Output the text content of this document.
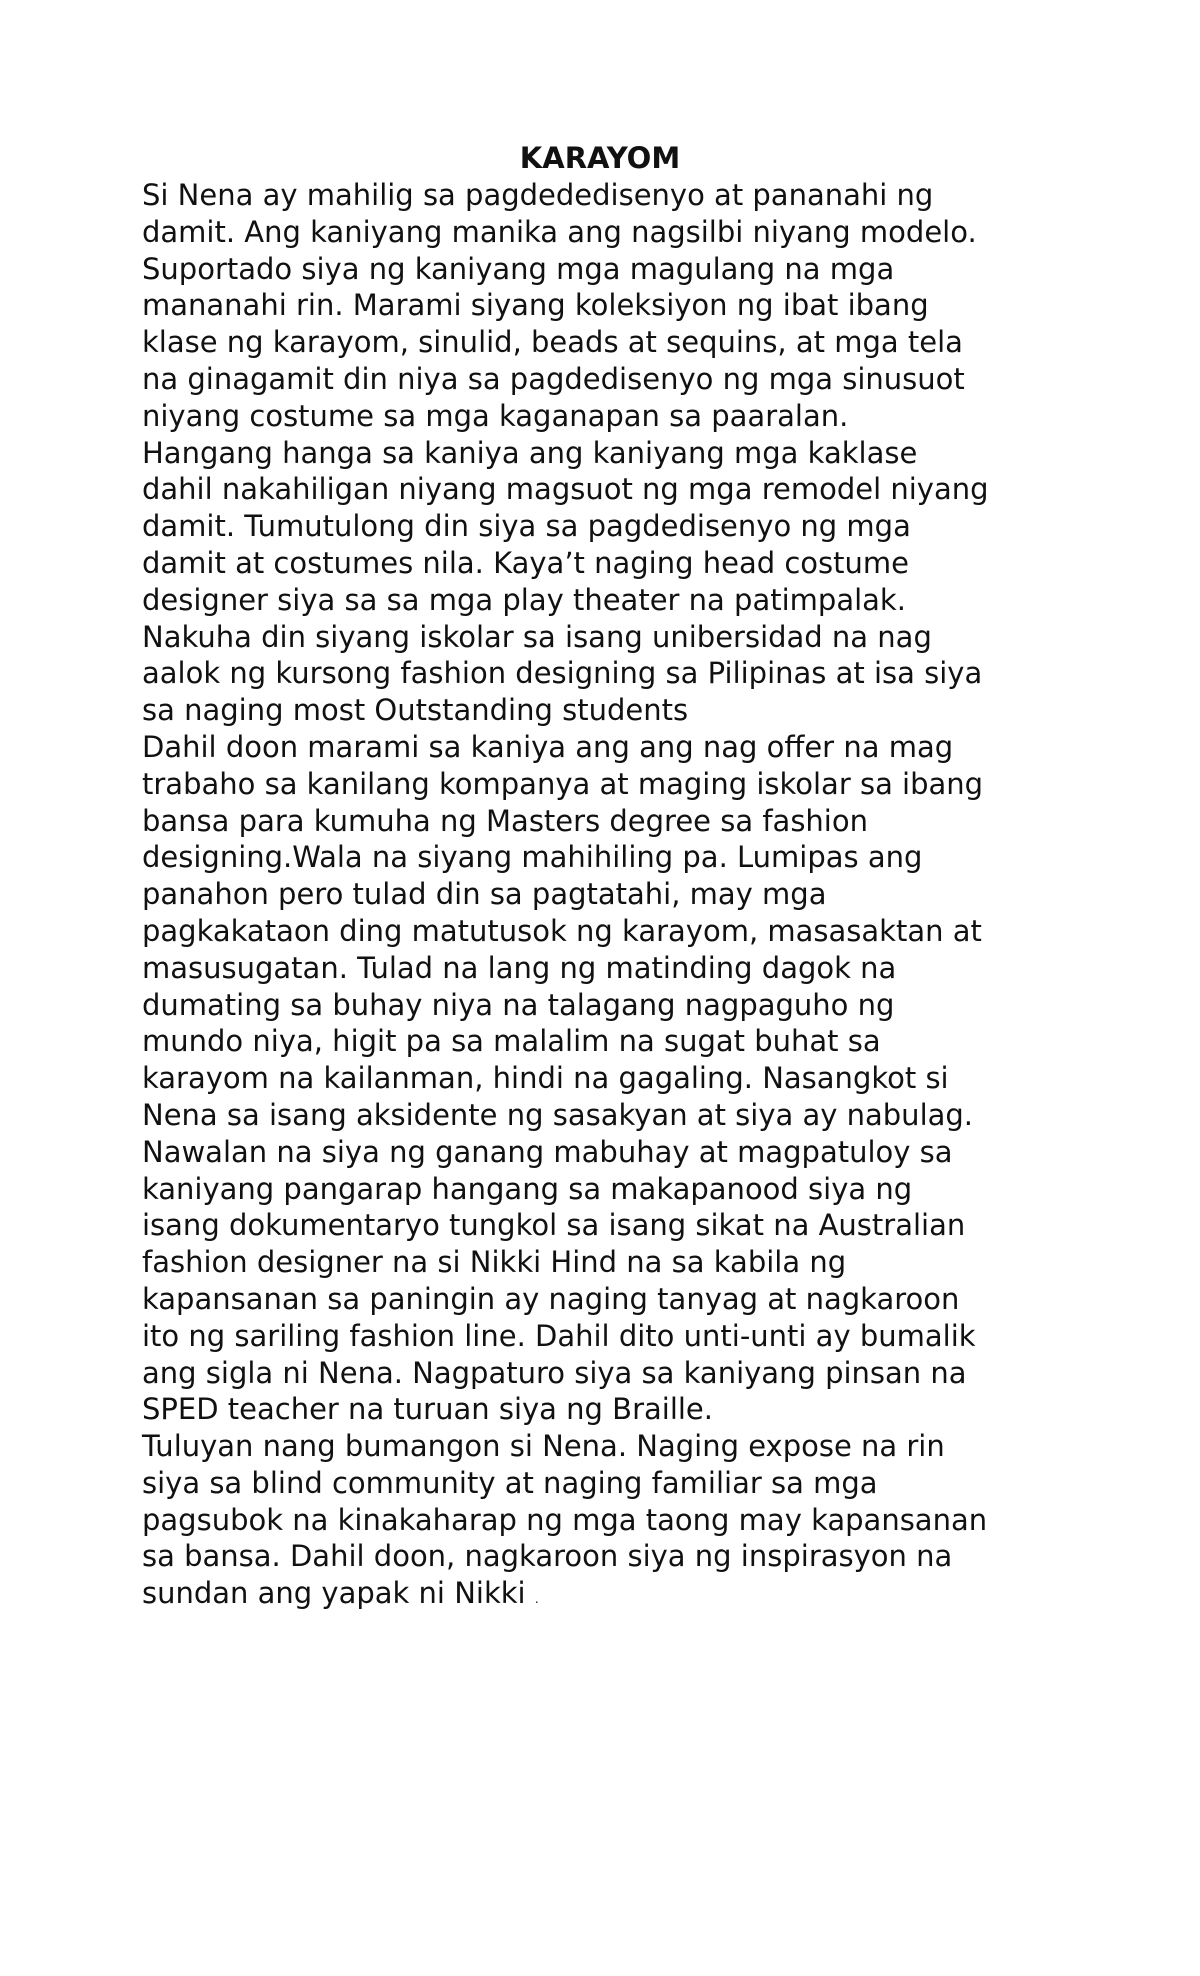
KARAYOM
Si Nena ay mahilig sa pagdededisenyo at pananahi ng
damit. Ang kaniyang manika ang nagsilbi niyang modelo.
Suportado siya ng kaniyang mga magulang na mga
mananahi rin. Marami siyang koleksiyon ng ibat ibang
klase ng karayom, sinulid, beads at sequins, at mga tela
na ginagamit din niya sa pagdedisenyo ng mga sinusuot
niyang costume sa mga kaganapan sa paaralan.
Hangang hanga sa kaniya ang kaniyang mga kaklase
dahil nakahiligan niyang magsuot ng mga remodel niyang
damit. Tumutulong din siya sa pagdedisenyo ng mga
damit at costumes nila. Kaya’t naging head costume
designer siya sa sa mga play theater na patimpalak.
Nakuha din siyang iskolar sa isang unibersidad na nag
aalok ng kursong fashion designing sa Pilipinas at isa siya
sa naging most Outstanding students
Dahil doon marami sa kaniya ang ang nag offer na mag
trabaho sa kanilang kompanya at maging iskolar sa ibang
bansa para kumuha ng Masters degree sa fashion
designing.Wala na siyang mahihiling pa. Lumipas ang
panahon pero tulad din sa pagtatahi, may mga
pagkakataon ding matutusok ng karayom, masasaktan at
masusugatan. Tulad na lang ng matinding dagok na
dumating sa buhay niya na talagang nagpaguho ng
mundo niya, higit pa sa malalim na sugat buhat sa
karayom na kailanman, hindi na gagaling. Nasangkot si
Nena sa isang aksidente ng sasakyan at siya ay nabulag.
Nawalan na siya ng ganang mabuhay at magpatuloy sa
kaniyang pangarap hangang sa makapanood siya ng
isang dokumentaryo tungkol sa isang sikat na Australian
fashion designer na si Nikki Hind na sa kabila ng
kapansanan sa paningin ay naging tanyag at nagkaroon
ito ng sariling fashion line. Dahil dito unti-unti ay bumalik
ang sigla ni Nena. Nagpaturo siya sa kaniyang pinsan na
SPED teacher na turuan siya ng Braille.
Tuluyan nang bumangon si Nena. Naging expose na rin
siya sa blind community at naging familiar sa mga
pagsubok na kinakaharap ng mga taong may kapansanan
sa bansa. Dahil doon, nagkaroon siya ng inspirasyon na
sundan ang yapak ni Nikki .
